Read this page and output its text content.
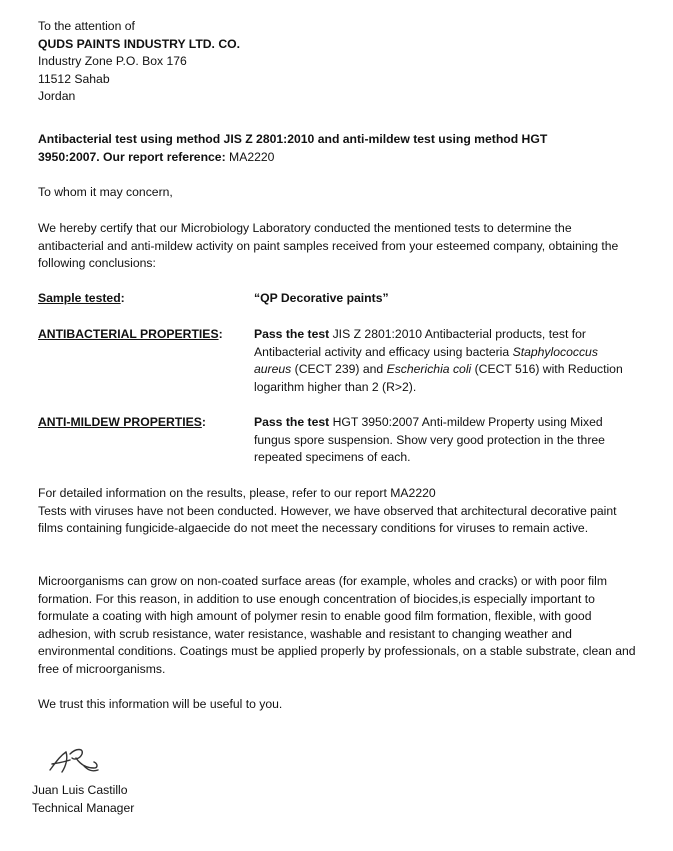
To the attention of

QUDS PAINTS INDUSTRY LTD. CO.

Industry Zone P.O. Box 176

11512 Sahab

Jordan

Antibacterial test using method JIS Z 2801:2010 and anti-mildew test using method HGT

3950:2007. Our report reference: MA2220

To whom it may concern,

We hereby certify that our Microbiology Laboratory conducted the mentioned tests to determine the antibacterial and anti-mildew activity on paint samples received from your esteemed company, obtaining the following conclusions:

Sample tested:	“QP Decorative paints”
ANTIBACTERIAL PROPERTIES:	Pass the test JIS Z 2801:2010 Antibacterial products, test for Antibacterial activity and efficacy using bacteria Staphylococcus aureus (CECT 239) and Escherichia coli (CECT 516) with Reduction logarithm higher than 2 (R>2).

ANTI-MILDEW PROPERTIES:	Pass the test HGT 3950:2007 Anti-mildew Property using Mixed fungus spore suspension. Show very good protection in the three repeated specimens of each.

For detailed information on the results, please, refer to our report MA2220

Tests with viruses have not been conducted. However, we have observed that architectural decorative paint films containing fungicide-algaecide do not meet the necessary conditions for viruses to remain active.

Microorganisms can grow on non-coated surface areas (for example, wholes and cracks) or with poor film formation. For this reason, in addition to use enough concentration of biocides,is especially important to formulate a coating with high amount of polymer resin to enable good film formation, flexible, with good adhesion, with scrub resistance, water resistance, washable and resistant to changing weather and environmental conditions. Coatings must be applied properly by professionals, on a stable substrate, clean and free of microorganisms.

We trust this information will be useful to you.

Juan Luis Castillo

Technical Manager
